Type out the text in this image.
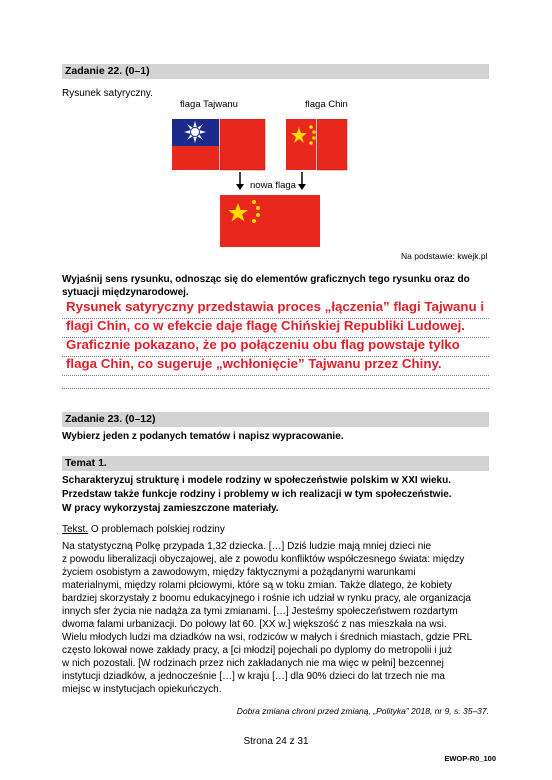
Zadanie 22. (0–1)
Rysunek satyryczny.
flaga Tajwanu	flaga Chin
nowa flaga
Na podstawie: kwejk.pl
Wyjaśnij sens rysunku, odnosząc się do elementów graficznych tego rysunku oraz do
sytuacji międzynarodowej.
Rysunek satyryczny przedstawia proces „łączenia” flagi Tajwanu i
flagi Chin, co w efekcie daje flagę Chińskiej Republiki Ludowej.
Graficznie pokazano, że po połączeniu obu flag powstaje tylko
flaga Chin, co sugeruje „wchłonięcie” Tajwanu przez Chiny.
Zadanie 23. (0–12)
Wybierz jeden z podanych tematów i napisz wypracowanie.
Temat 1.
Scharakteryzuj strukturę i modele rodziny w społeczeństwie polskim w XXI wieku.
Przedstaw także funkcje rodziny i problemy w ich realizacji w tym społeczeństwie.
W pracy wykorzystaj zamieszczone materiały.
Tekst. O problemach polskiej rodziny
Na statystyczną Polkę przypada 1,32 dziecka. […] Dziś ludzie mają mniej dzieci nie
z powodu liberalizacji obyczajowej, ale z powodu konfliktów współczesnego świata: między
życiem osobistym a zawodowym, między faktycznymi a pożądanymi warunkami
materialnymi, między rolami płciowymi, które są w toku zmian. Także dlatego, że kobiety
bardziej skorzystały z boomu edukacyjnego i rośnie ich udział w rynku pracy, ale organizacja
innych sfer życia nie nadąża za tymi zmianami. […] Jesteśmy społeczeństwem rozdartym
dwoma falami urbanizacji. Do połowy lat 60. [XX w.] większość z nas mieszkała na wsi.
Wielu młodych ludzi ma dziadków na wsi, rodziców w małych i średnich miastach, gdzie PRL
często lokował nowe zakłady pracy, a [ci młodzi] pojechali po dyplomy do metropolii i już
w nich pozostali. [W rodzinach przez nich zakładanych nie ma więc w pełni] bezcennej
instytucji dziadków, a jednocześnie […] w kraju […] dla 90% dzieci do lat trzech nie ma
miejsc w instytucjach opiekuńczych.
Dobra zmiana chroni przed zmianą, „Polityka” 2018, nr 9, s. 35–37.
Strona 24 z 31
EWOP-R0_100
